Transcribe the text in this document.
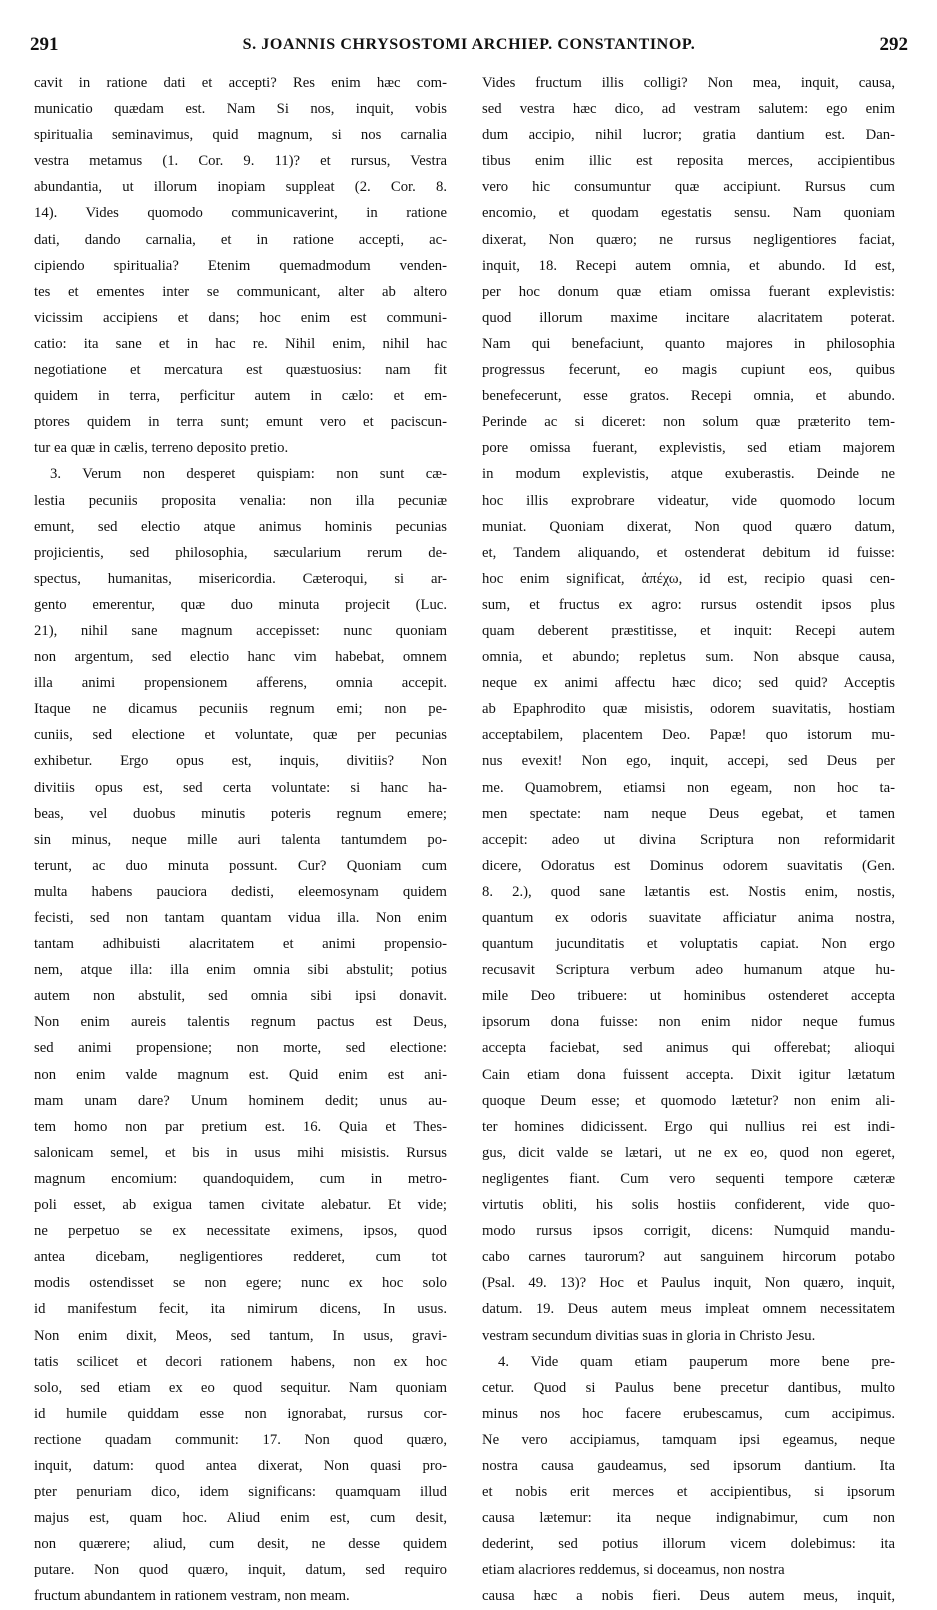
291	S. JOANNIS CHRYSOSTOMI ARCHIEP. CONSTANTINOP.	292
cavit in ratione dati et accepti? Res enim hæc com-
municatio quædam est. Nam Si nos, inquit, vobis
spiritualia seminavimus, quid magnum, si nos carnalia
vestra metamus (1. Cor. 9. 11)? et rursus, Vestra
abundantia, ut illorum inopiam suppleat (2. Cor. 8.
14). Vides quomodo communicaverint, in ratione
dati, dando carnalia, et in ratione accepti, ac-
cipiendo spiritualia? Etenim quemadmodum venden-
tes et ementes inter se communicant, alter ab altero
vicissim accipiens et dans; hoc enim est communi-
catio: ita sane et in hac re. Nihil enim, nihil hac
negotiatione et mercatura est quæstuosius: nam fit
quidem in terra, perficitur autem in cælo: et em-
ptores quidem in terra sunt; emunt vero et paciscun-
tur ea quæ in cælis, terreno deposito pretio.
3. Verum non desperet quispiam: non sunt cæ-
lestia pecuniis proposita venalia: non illa pecuniæ
emunt, sed electio atque animus hominis pecunias
projicientis, sed philosophia, sæcularium rerum de-
spectus, humanitas, misericordia. Cæteroqui, si ar-
gento emerentur, quæ duo minuta projecit (Luc.
21), nihil sane magnum accepisset: nunc quoniam
non argentum, sed electio hanc vim habebat, omnem
illa animi propensionem afferens, omnia accepit.
Itaque ne dicamus pecuniis regnum emi; non pe-
cuniis, sed electione et voluntate, quæ per pecunias
exhibetur. Ergo opus est, inquis, divitiis? Non
divitiis opus est, sed certa voluntate: si hanc ha-
beas, vel duobus minutis poteris regnum emere;
sin minus, neque mille auri talenta tantumdem po-
terunt, ac duo minuta possunt. Cur? Quoniam cum
multa habens pauciora dedisti, eleemosynam quidem
fecisti, sed non tantam quantam vidua illa. Non enim
tantam adhibuisti alacritatem et animi propensio-
nem, atque illa: illa enim omnia sibi abstulit; potius
autem non abstulit, sed omnia sibi ipsi donavit.
Non enim aureis talentis regnum pactus est Deus,
sed animi propensione; non morte, sed electione:
non enim valde magnum est. Quid enim est ani-
mam unam dare? Unum hominem dedit; unus au-
tem homo non par pretium est. 16. Quia et Thes-
salonicam semel, et bis in usus mihi misistis. Rursus
magnum encomium: quandoquidem, cum in metro-
poli esset, ab exigua tamen civitate alebatur. Et vide;
ne perpetuo se ex necessitate eximens, ipsos, quod
antea dicebam, negligentiores redderet, cum tot
modis ostendisset se non egere; nunc ex hoc solo
id manifestum fecit, ita nimirum dicens, In usus.
Non enim dixit, Meos, sed tantum, In usus, gravi-
tatis scilicet et decori rationem habens, non ex hoc
solo, sed etiam ex eo quod sequitur. Nam quoniam
id humile quiddam esse non ignorabat, rursus cor-
rectione quadam communit: 17. Non quod quæro,
inquit, datum: quod antea dixerat, Non quasi pro-
pter penuriam dico, idem significans: quamquam illud
majus est, quam hoc. Aliud enim est, cum desit,
non quærere; aliud, cum desit, ne desse quidem
putare. Non quod quæro, inquit, datum, sed requiro
fructum abundantem in rationem vestram, non meam.
Vides fructum illis colligi? Non mea, inquit, causa,
sed vestra hæc dico, ad vestram salutem: ego enim
dum accipio, nihil lucror; gratia dantium est. Dan-
tibus enim illic est reposita merces, accipientibus
vero hic consumuntur quæ accipiunt. Rursus cum
encomio, et quodam egestatis sensu. Nam quoniam
dixerat, Non quæro; ne rursus negligentiores faciat,
inquit, 18. Recepi autem omnia, et abundo. Id est,
per hoc donum quæ etiam omissa fuerant explevistis:
quod illorum maxime incitare alacritatem poterat.
Nam qui benefaciunt, quanto majores in philosophia
progressus fecerunt, eo magis cupiunt eos, quibus
benefecerunt, esse gratos. Recepi omnia, et abundo.
Perinde ac si diceret: non solum quæ præterito tem-
pore omissa fuerant, explevistis, sed etiam majorem
in modum explevistis, atque exuberastis. Deinde ne
hoc illis exprobrare videatur, vide quomodo locum
muniat. Quoniam dixerat, Non quod quæro datum,
et, Tandem aliquando, et ostenderat debitum id fuisse:
hoc enim significat, ἀπέχω, id est, recipio quasi cen-
sum, et fructus ex agro: rursus ostendit ipsos plus
quam deberent præstitisse, et inquit: Recepi autem
omnia, et abundo; repletus sum. Non absque causa,
neque ex animi affectu hæc dico; sed quid? Acceptis
ab Epaphrodito quæ misistis, odorem suavitatis, hostiam
acceptabilem, placentem Deo. Papæ! quo istorum mu-
nus evexit! Non ego, inquit, accepi, sed Deus per
me. Quamobrem, etiamsi non egeam, non hoc ta-
men spectate: nam neque Deus egebat, et tamen
accepit: adeo ut divina Scriptura non reformidarit
dicere, Odoratus est Dominus odorem suavitatis (Gen.
8. 2.), quod sane lætantis est. Nostis enim, nostis,
quantum ex odoris suavitate afficiatur anima nostra,
quantum jucunditatis et voluptatis capiat. Non ergo
recusavit Scriptura verbum adeo humanum atque hu-
mile Deo tribuere: ut hominibus ostenderet accepta
ipsorum dona fuisse: non enim nidor neque fumus
accepta faciebat, sed animus qui offerebat; alioqui
Cain etiam dona fuissent accepta. Dixit igitur lætatum
quoque Deum esse; et quomodo lætetur? non enim ali-
ter homines didicissent. Ergo qui nullius rei est indi-
gus, dicit valde se lætari, ut ne ex eo, quod non egeret,
negligentes fiant. Cum vero sequenti tempore cæteræ
virtutis obliti, his solis hostiis confiderent, vide quo-
modo rursus ipsos corrigit, dicens: Numquid mandu-
cabo carnes taurorum? aut sanguinem hircorum potabo
(Psal. 49. 13)? Hoc et Paulus inquit, Non quæro, inquit,
datum. 19. Deus autem meus impleat omnem necessitatem
vestram secundum divitias suas in gloria in Christo Jesu.
4. Vide quam etiam pauperum more bene pre-
cetur. Quod si Paulus bene precetur dantibus, multo
minus nos hoc facere erubescamus, cum accipimus.
Ne vero accipiamus, tamquam ipsi egeamus, neque
nostra causa gaudeamus, sed ipsorum dantium. Ita
et nobis erit merces et accipientibus, si ipsorum
causa lætemur: ita neque indignabimur, cum non
dederint, sed potius illorum vicem dolebimus: ita
etiam alacriores reddemus, si doceamus, non nostra
causa hæc a nobis fieri. Deus autem meus, inquit,
